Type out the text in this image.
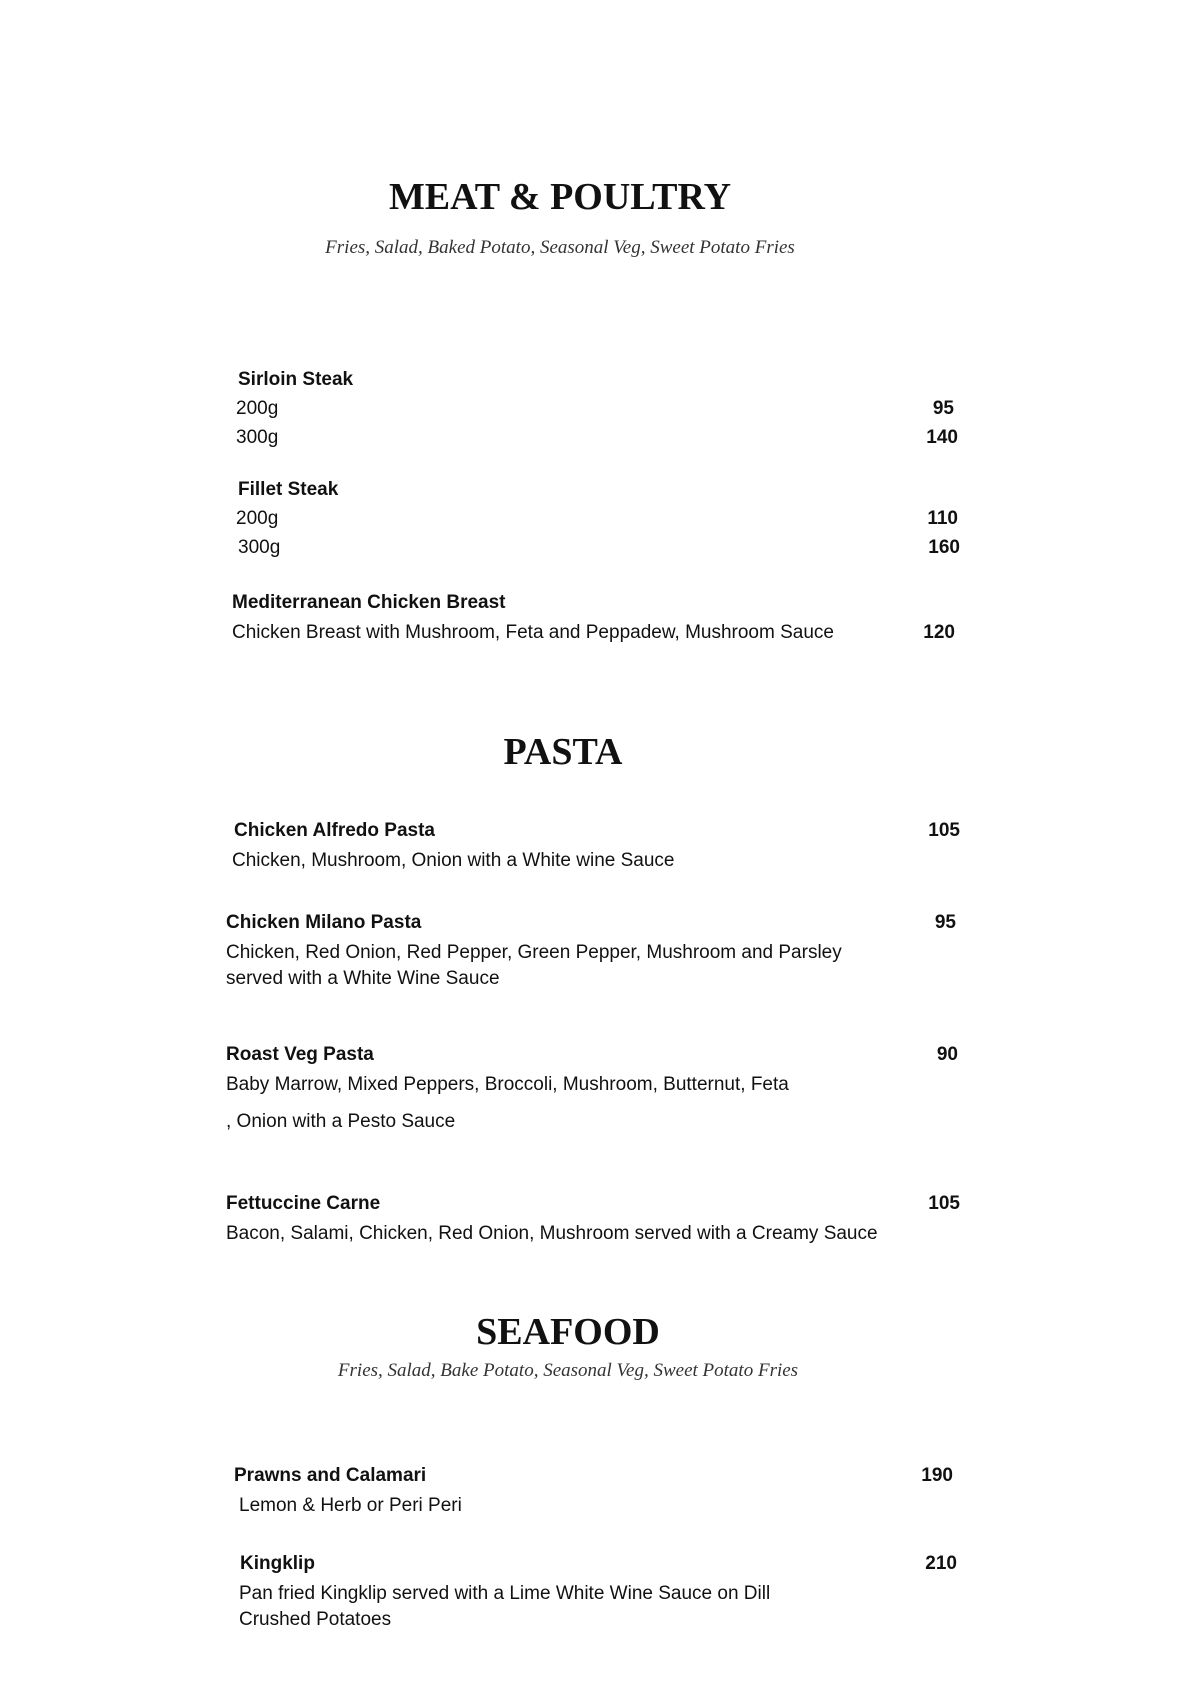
MEAT & POULTRY
Fries, Salad, Baked Potato, Seasonal Veg, Sweet Potato Fries
Sirloin Steak
200g	95
300g	140
Fillet Steak
200g	110
300g	160
Mediterranean Chicken Breast
Chicken Breast with Mushroom, Feta and Peppadew, Mushroom Sauce	120
PASTA
Chicken Alfredo Pasta	105
Chicken, Mushroom, Onion with a White wine Sauce
Chicken Milano Pasta	95
Chicken, Red Onion, Red Pepper, Green Pepper, Mushroom and Parsley
served with a White Wine Sauce
Roast Veg Pasta	90
Baby Marrow, Mixed Peppers, Broccoli, Mushroom, Butternut, Feta
, Onion with a Pesto Sauce
Fettuccine Carne	105
Bacon, Salami, Chicken, Red Onion, Mushroom served with a Creamy Sauce
SEAFOOD
Fries, Salad, Bake Potato, Seasonal Veg, Sweet Potato Fries
Prawns and Calamari	190
Lemon & Herb or Peri Peri
Kingklip	210
Pan fried Kingklip served with a Lime White Wine Sauce on Dill
Crushed Potatoes
